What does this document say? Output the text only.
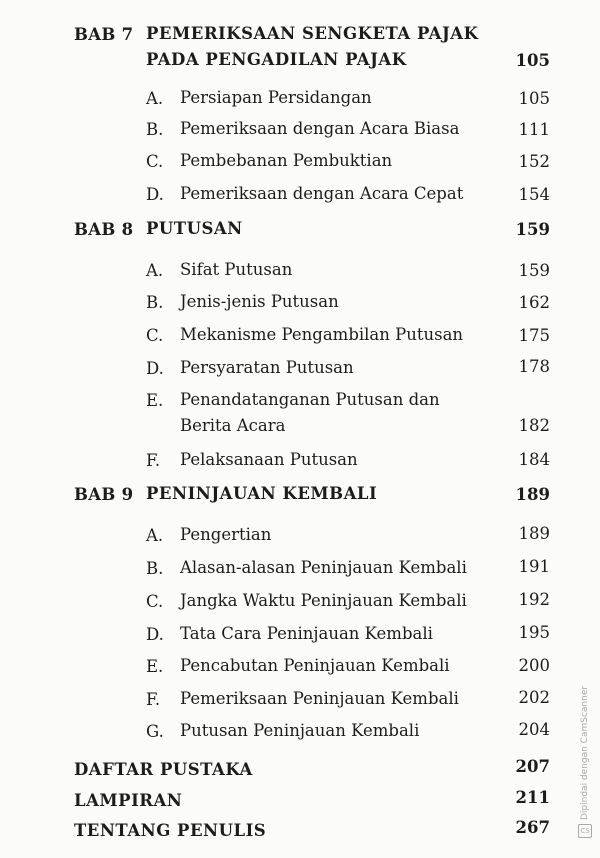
BAB 7 PEMERIKSAAN SENGKETA PAJAK PADA PENGADILAN PAJAK	105
A. Persiapan Persidangan	105
B. Pemeriksaan dengan Acara Biasa	111
C. Pembebanan Pembuktian	152
D. Pemeriksaan dengan Acara Cepat	154
BAB 8 PUTUSAN	159
A. Sifat Putusan	159
B. Jenis-jenis Putusan	162
C. Mekanisme Pengambilan Putusan	175
D. Persyaratan Putusan	178
E. Penandatanganan Putusan dan Berita Acara	182
F. Pelaksanaan Putusan	184
BAB 9 PENINJAUAN KEMBALI	189
A. Pengertian	189
B. Alasan-alasan Peninjauan Kembali	191
C. Jangka Waktu Peninjauan Kembali	192
D. Tata Cara Peninjauan Kembali	195
E. Pencabutan Peninjauan Kembali	200
F. Pemeriksaan Peninjauan Kembali	202
G. Putusan Peninjauan Kembali	204
DAFTAR PUSTAKA	207
LAMPIRAN	211
TENTANG PENULIS	267	CS
Dipindai dengan CamScanner
